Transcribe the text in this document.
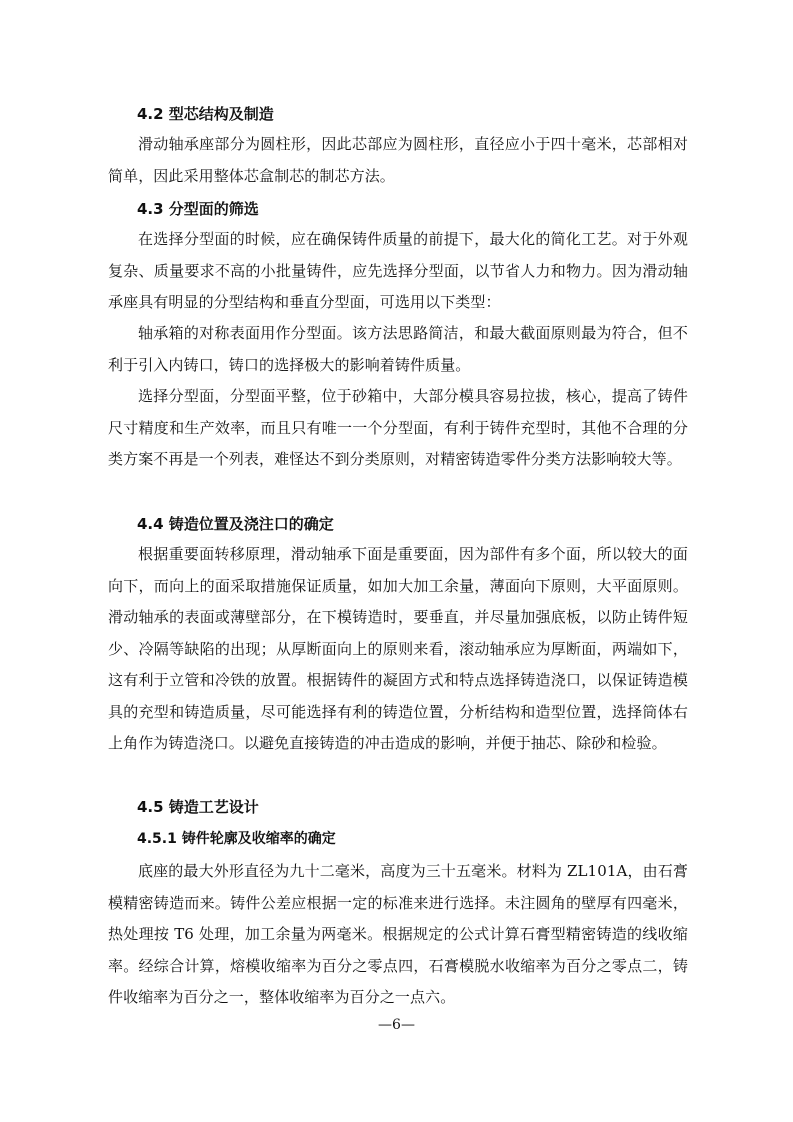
4.2 型芯结构及制造
滑动轴承座部分为圆柱形，因此芯部应为圆柱形，直径应小于四十毫米，芯部相对简单，因此采用整体芯盒制芯的制芯方法。
4.3 分型面的筛选
在选择分型面的时候，应在确保铸件质量的前提下，最大化的简化工艺。对于外观复杂、质量要求不高的小批量铸件，应先选择分型面，以节省人力和物力。因为滑动轴承座具有明显的分型结构和垂直分型面，可选用以下类型：
轴承箱的对称表面用作分型面。该方法思路简洁，和最大截面原则最为符合，但不利于引入内铸口，铸口的选择极大的影响着铸件质量。
选择分型面，分型面平整，位于砂箱中，大部分模具容易拉拔，核心，提高了铸件尺寸精度和生产效率，而且只有唯一一个分型面，有利于铸件充型时，其他不合理的分类方案不再是一个列表，难怪达不到分类原则，对精密铸造零件分类方法影响较大等。
4.4 铸造位置及浇注口的确定
根据重要面转移原理，滑动轴承下面是重要面，因为部件有多个面，所以较大的面向下，而向上的面采取措施保证质量，如加大加工余量，薄面向下原则，大平面原则。滑动轴承的表面或薄壁部分，在下模铸造时，要垂直，并尽量加强底板，以防止铸件短少、冷隔等缺陷的出现；从厚断面向上的原则来看，滚动轴承应为厚断面，两端如下，这有利于立管和冷铁的放置。根据铸件的凝固方式和特点选择铸造浇口，以保证铸造模具的充型和铸造质量，尽可能选择有利的铸造位置，分析结构和造型位置，选择筒体右上角作为铸造浇口。以避免直接铸造的冲击造成的影响，并便于抽芯、除砂和检验。
4.5 铸造工艺设计
4.5.1 铸件轮廓及收缩率的确定
底座的最大外形直径为九十二毫米，高度为三十五毫米。材料为 ZL101A，由石膏模精密铸造而来。铸件公差应根据一定的标准来进行选择。未注圆角的壁厚有四毫米，热处理按 T6 处理，加工余量为两毫米。根据规定的公式计算石膏型精密铸造的线收缩率。经综合计算，熔模收缩率为百分之零点四，石膏模脱水收缩率为百分之零点二，铸件收缩率为百分之一，整体收缩率为百分之一点六。
—6—
